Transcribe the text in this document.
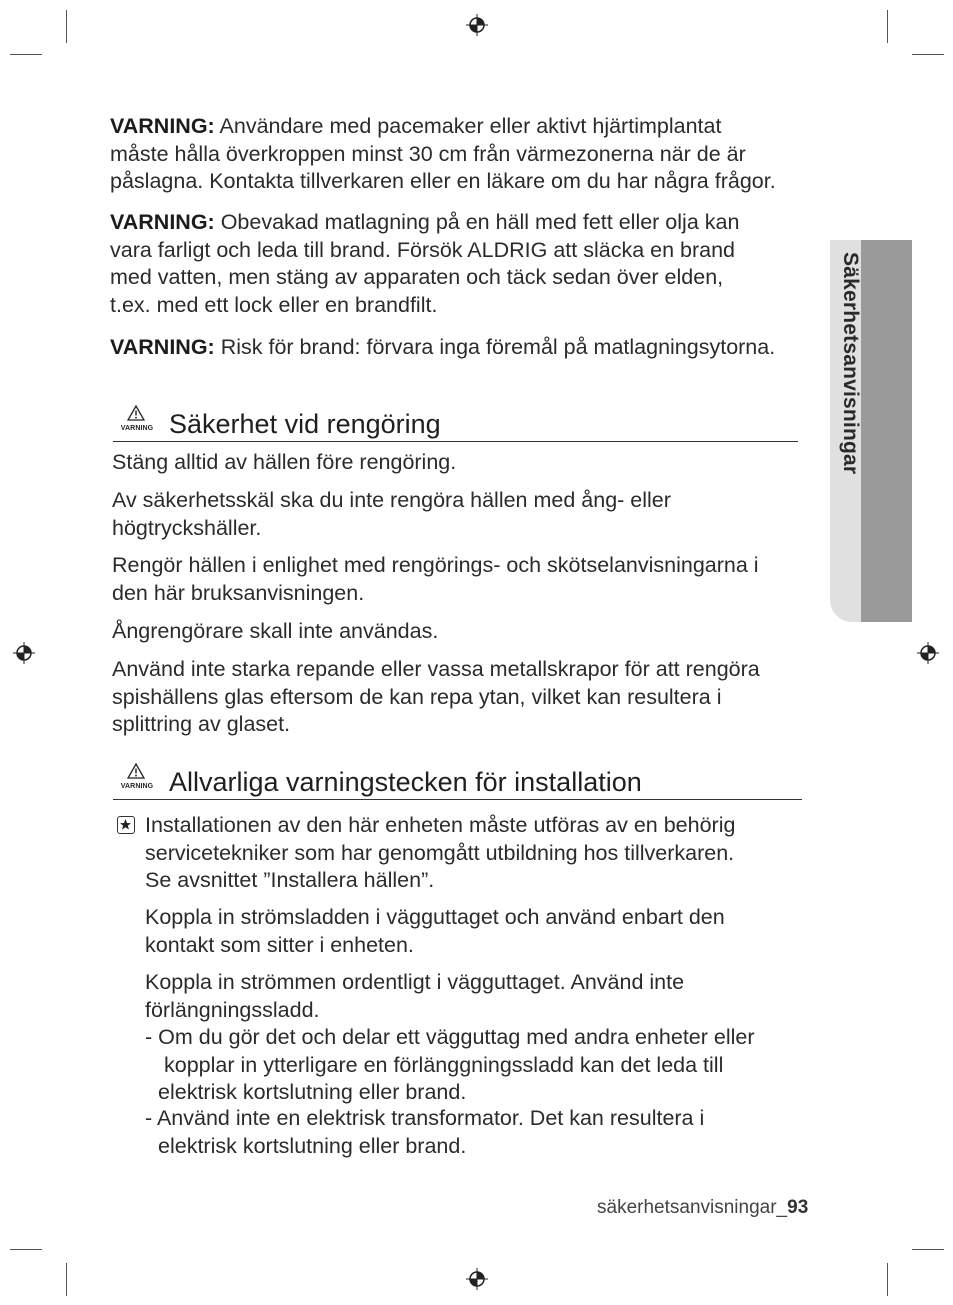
Säkerhetsanvisningar
VARNING: Användare med pacemaker eller aktivt hjärtimplantat
måste hålla överkroppen minst 30 cm från värmezonerna när de är
påslagna. Kontakta tillverkaren eller en läkare om du har några frågor.
VARNING: Obevakad matlagning på en häll med fett eller olja kan
vara farligt och leda till brand. Försök ALDRIG att släcka en brand
med vatten, men stäng av apparaten och täck sedan över elden,
t.ex. med ett lock eller en brandfilt.
VARNING: Risk för brand: förvara inga föremål på matlagningsytorna.
VARNING Säkerhet vid rengöring
Stäng alltid av hällen före rengöring.
Av säkerhetsskäl ska du inte rengöra hällen med ång- eller
högtryckshäller.
Rengör hällen i enlighet med rengörings- och skötselanvisningarna i
den här bruksanvisningen.
Ångrengörare skall inte användas.
Använd inte starka repande eller vassa metallskrapor för att rengöra
spishällens glas eftersom de kan repa ytan, vilket kan resultera i
splittring av glaset.
VARNING Allvarliga varningstecken för installation
Installationen av den här enheten måste utföras av en behörig
servicetekniker som har genomgått utbildning hos tillverkaren.
Se avsnittet ”Installera hällen”.
Koppla in strömsladden i vägguttaget och använd enbart den
kontakt som sitter i enheten.
Koppla in strömmen ordentligt i vägguttaget. Använd inte
förlängningssladd.
- Om du gör det och delar ett vägguttag med andra enheter eller
kopplar in ytterligare en förlänggningssladd kan det leda till
elektrisk kortslutning eller brand.
- Använd inte en elektrisk transformator. Det kan resultera i
elektrisk kortslutning eller brand.
säkerhetsanvisningar_93
